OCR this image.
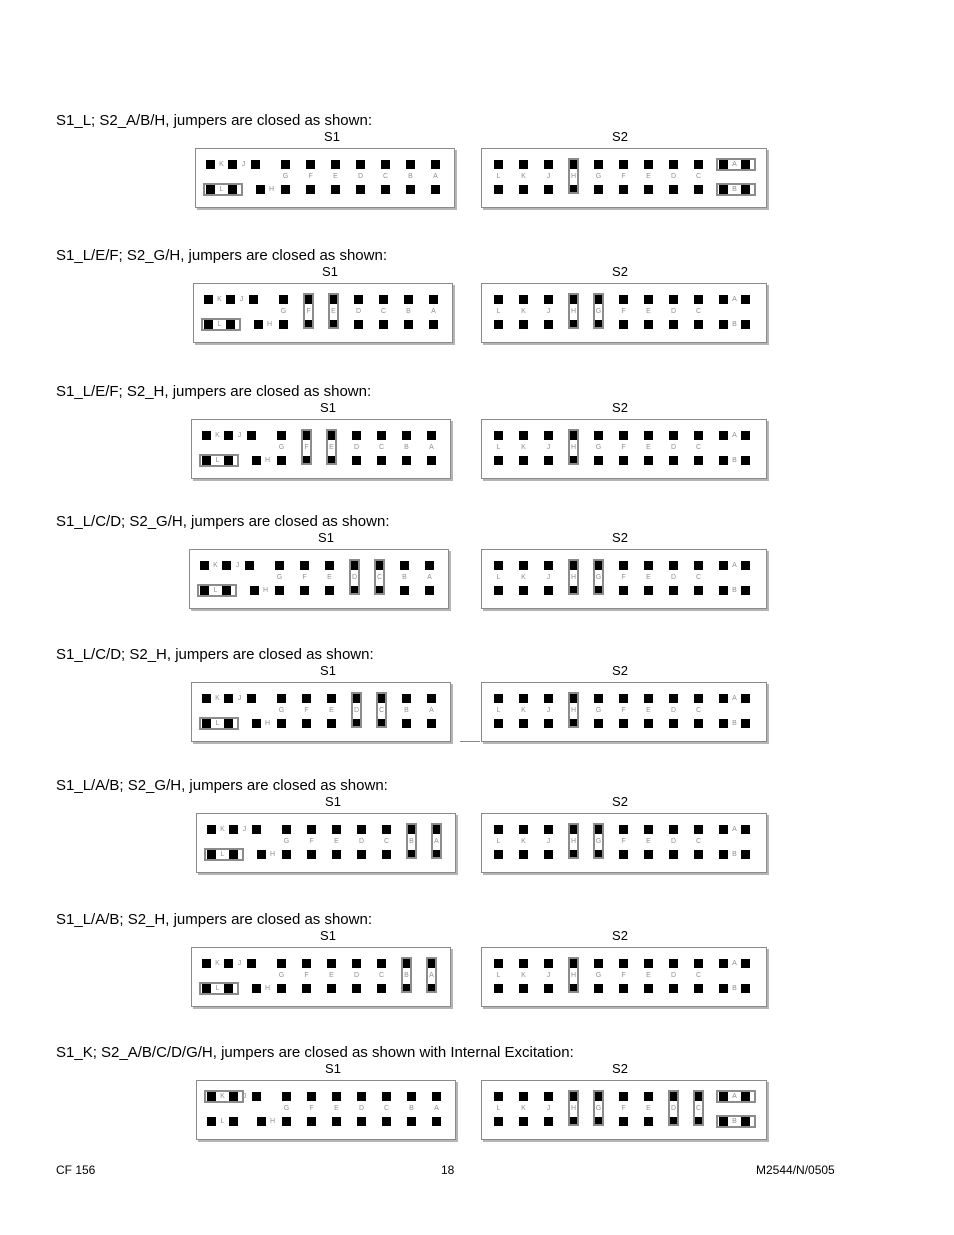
S1_L; S2_A/B/H, jumpers are closed as shown:
S1	S2
K	J
L	H
G	F	E	D	C	B	A	L	K	J	H	G	F	E	D	C
A
B
S1_L/E/F; S2_G/H, jumpers are closed as shown:
S1	S2
K	J
L	H
G	F	E	D	C	B	A	L	K	J	H	G	F	E	D	C
A
B
S1_L/E/F; S2_H, jumpers are closed as shown:
S1	S2
K	J
L	H
G	F	E	D	C	B	A	L	K	J	H	G	F	E	D	C
A
B
S1_L/C/D; S2_G/H, jumpers are closed as shown:
S1	S2
K	J
L	H
G	F	E	D	C	B	A	L	K	J	H	G	F	E	D	C
A
B
S1_L/C/D; S2_H, jumpers are closed as shown:
S1	S2
K	J
L	H
G	F	E	D	C	B	A	L	K	J	H	G	F	E	D	C
A
B
S1_L/A/B; S2_G/H, jumpers are closed as shown:
S1	S2
K	J
L	H
G	F	E	D	C	B	A	L	K	J	H	G	F	E	D	C
A
B
S1_L/A/B; S2_H, jumpers are closed as shown:
S1	S2
K	J
L	H
G	F	E	D	C	B	A	L	K	J	H	G	F	E	D	C
A
B
S1_K; S2_A/B/C/D/G/H, jumpers are closed as shown with Internal Excitation:
S1	S2
K	J
L	H
G	F	E	D	C	B	A	L	K	J	H	G	F	E	D	C
A
B
CF 156	18	M2544/N/0505
